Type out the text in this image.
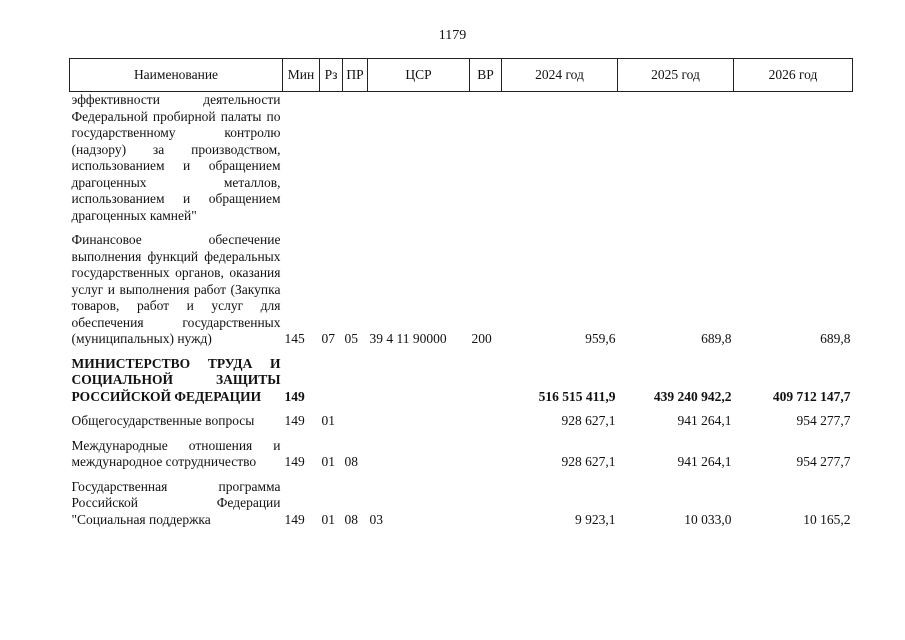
1179
Наименование	Мин	Рз	ПР	ЦСР	ВР	2024 год	2025 год	2026 год
эффективности деятельности Федеральной пробирной палаты по государственному контролю (надзору) за производством, использованием и обращением драгоценных металлов, использованием и обращением драгоценных камней"								

Финансовое обеспечение выполнения функций федеральных государственных органов, оказания услуг и выполнения работ (Закупка товаров, работ и услуг для обеспечения государственных (муниципальных) нужд)	145	07	05	39 4 11 90000	200	959,6	689,8	689,8

МИНИСТЕРСТВО ТРУДА И СОЦИАЛЬНОЙ ЗАЩИТЫ РОССИЙСКОЙ ФЕДЕРАЦИИ	149					516 515 411,9	439 240 942,2	409 712 147,7

Общегосударственные вопросы	149	01				928 627,1	941 264,1	954 277,7

Международные отношения и международное сотрудничество	149	01	08			928 627,1	941 264,1	954 277,7

Государственная программа Российской Федерации "Социальная поддержка	149	01	08	03		9 923,1	10 033,0	10 165,2
